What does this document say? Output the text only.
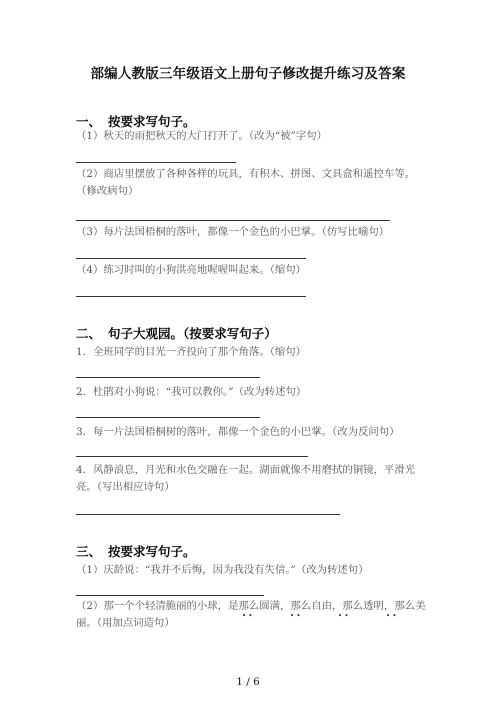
部编人教版三年级语文上册句子修改提升练习及答案
一、 按要求写句子。
（1）秋天的雨把秋天的大门打开了。（改为“被”字句）
（2）商店里摆放了各种各样的玩具，有积木、拼图、文具盒和遥控车等。（修改病句）
（3）每片法国梧桐的落叶，都像一个金色的小巴掌。（仿写比喻句）
（4）练习时叫的小狗洪亮地喔喔叫起来。（缩句）
二、 句子大观园。（按要求写句子）
1．全班同学的目光一齐投向了那个角落。（缩句）
2．杜鹃对小狗说：“我可以教你。”（改为转述句）
3．每一片法国梧桐树的落叶，都像一个金色的小巴掌。（改为反问句）
4．风静浪息，月光和水色交融在一起。湖面就像不用磨拭的铜镜，平滑光亮。（写出相应诗句）
三、 按要求写句子。
（1）庆龄说：“我并不后悔，因为我没有失信。”（改为转述句）
（2）那一个个轻清脆丽的小球，是那么圆满，那么自由，那么透明，那么美丽。（用加点词造句）
• •	• •	• •	• •
1 / 6
